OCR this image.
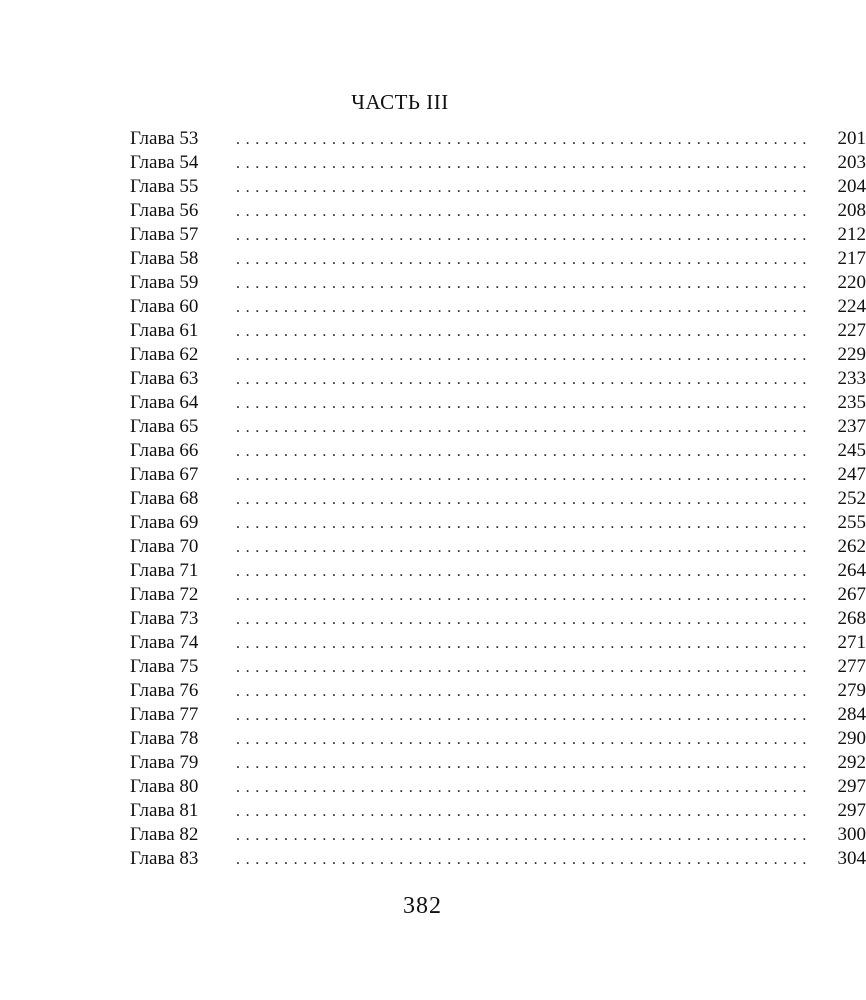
ЧАСТЬ III
Глава 53	............................................................	201
Глава 54	............................................................	203
Глава 55	............................................................	204
Глава 56	............................................................	208
Глава 57	............................................................	212
Глава 58	............................................................	217
Глава 59	............................................................	220
Глава 60	............................................................	224
Глава 61	............................................................	227
Глава 62	............................................................	229
Глава 63	............................................................	233
Глава 64	............................................................	235
Глава 65	............................................................	237
Глава 66	............................................................	245
Глава 67	............................................................	247
Глава 68	............................................................	252
Глава 69	............................................................	255
Глава 70	............................................................	262
Глава 71	............................................................	264
Глава 72	............................................................	267
Глава 73	............................................................	268
Глава 74	............................................................	271
Глава 75	............................................................	277
Глава 76	............................................................	279
Глава 77	............................................................	284
Глава 78	............................................................	290
Глава 79	............................................................	292
Глава 80	............................................................	297
Глава 81	............................................................	297
Глава 82	............................................................	300
Глава 83	............................................................	304
382
